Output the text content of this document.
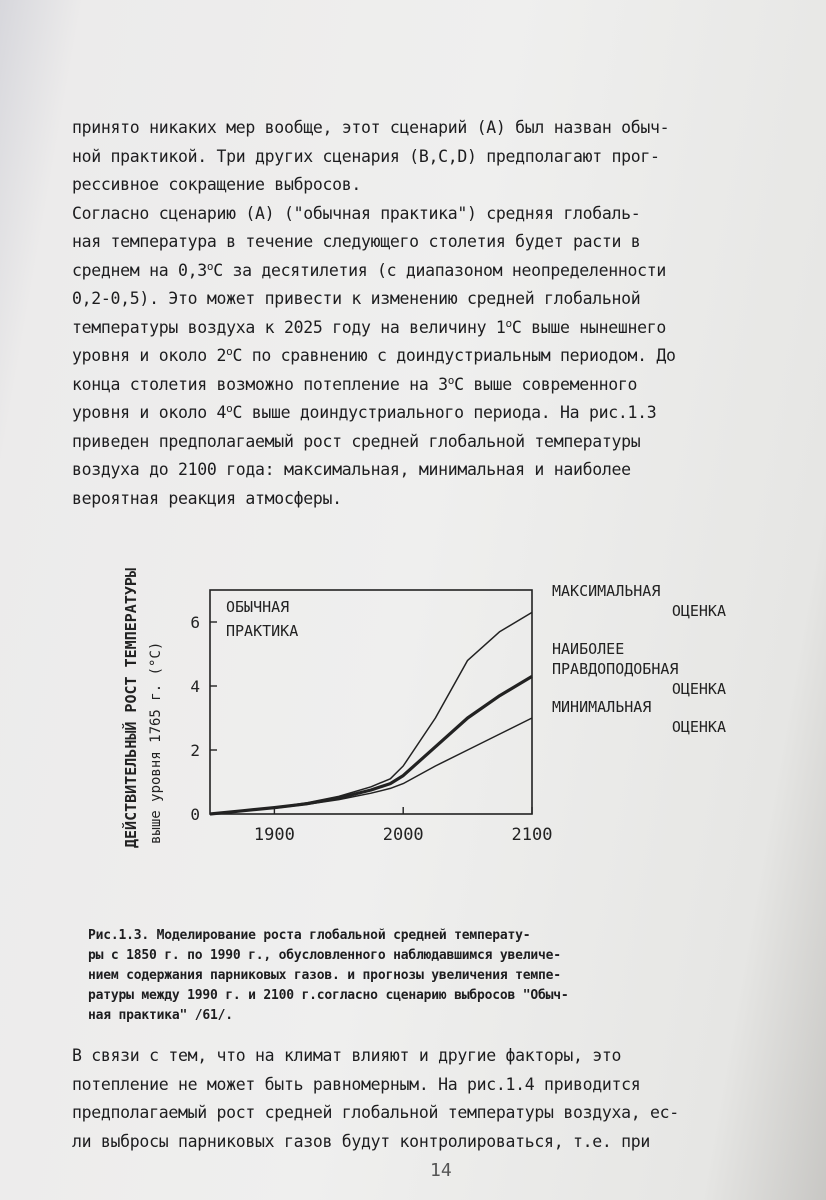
принято никаких мер вообще, этот сценарий (А) был назван обыч-
ной практикой. Три других сценария (В,С,D) предполагают прог-
рессивное сокращение выбросов.
Согласно сценарию (А) ("обычная практика") средняя глобаль-
ная температура в течение следующего столетия будет расти в
среднем на 0,3$^o$С за десятилетия (с диапазоном неопределенности
0,2-0,5). Это может привести к изменению средней глобальной
температуры воздуха к 2025 году на величину 1$^o$С выше нынешнего
уровня и около 2$^o$С по сравнению с доиндустриальным периодом. До
конца столетия возможно потепление на 3$^o$С выше современного
уровня и около 4$^o$С выше доиндустриального периода. На рис.1.3
приведен предполагаемый рост средней глобальной температуры
воздуха до 2100 года: максимальная, минимальная и наиболее
вероятная реакция атмосферы.
ДЕЙСТВИТЕЛЬНЫЙ РОСТ ТЕМПЕРАТУРЫ выше уровня 1765 г. (°С) 0
2
4
6
1900	2000	2100
ОБЫЧНАЯ
ПРАКТИКА
МАКСИМАЛЬНАЯ
ОЦЕНКА
НАИБОЛЕЕ
ПРАВДОПОДОБНАЯ
ОЦЕНКА
МИНИМАЛЬНАЯ
ОЦЕНКА
Рис.1.3. Моделирование роста глобальной средней температу-
ры с 1850 г. по 1990 г., обусловленного наблюдавшимся увеличе-
нием содержания парниковых газов. и прогнозы увеличения темпе-
ратуры между 1990 г. и 2100 г.согласно сценарию выбросов "Обыч-
ная практика" /61/.
В связи с тем, что на климат влияют и другие факторы, это
потепление не может быть равномерным. На рис.1.4 приводится
предполагаемый рост средней глобальной температуры воздуха, ес-
ли выбросы парниковых газов будут контролироваться, т.е. при
14
